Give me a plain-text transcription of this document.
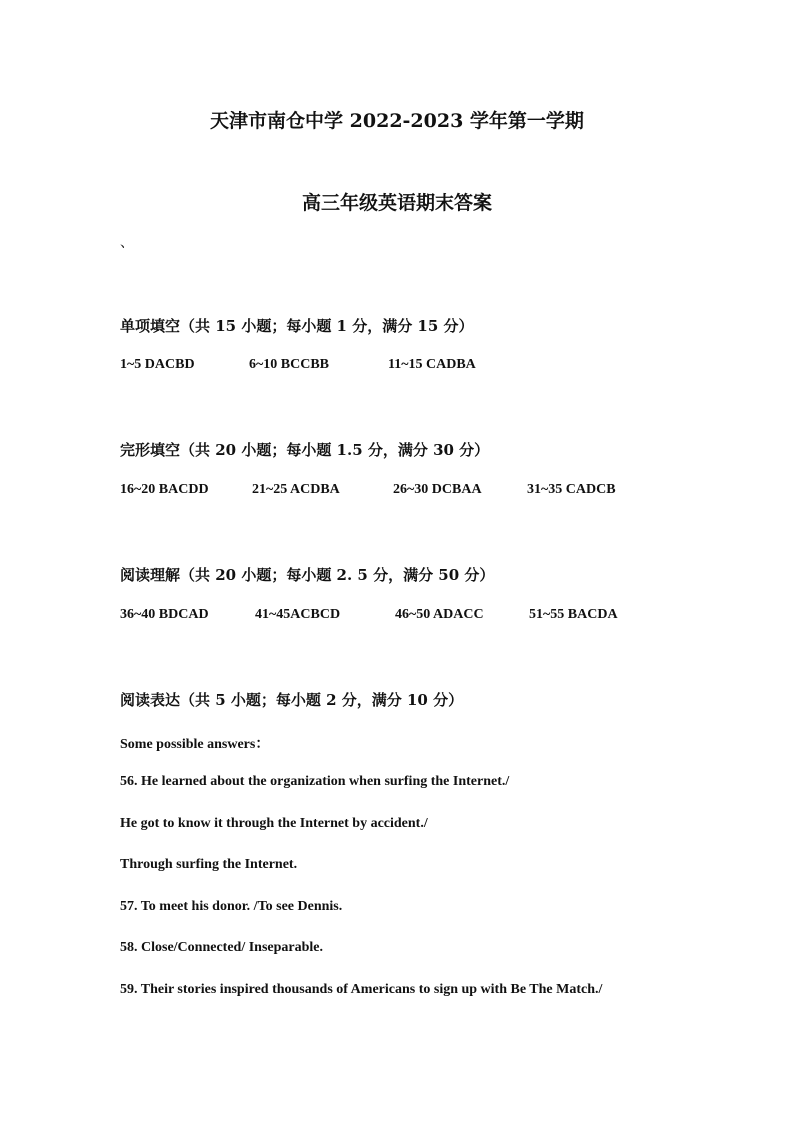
天津市南仓中学 2022-2023 学年第一学期
高三年级英语期末答案
、
单项填空（共 15 小题；每小题 1 分，满分 15 分）
1~5 DACBD	6~10 BCCBB	11~15 CADBA
完形填空（共 20 小题；每小题 1.5 分，满分 30 分）
16~20 BACDD	21~25 ACDBA	26~30 DCBAA	31~35 CADCB
阅读理解（共 20 小题；每小题 2. 5 分，满分 50 分）
36~40 BDCAD	41~45ACBCD	46~50 ADACC	51~55 BACDA
阅读表达（共 5 小题；每小题 2 分，满分 10 分）
Some possible answers：
56. He learned about the organization when surfing the Internet./
He got to know it through the Internet by accident./
Through surfing the Internet.
57. To meet his donor. /To see Dennis.
58. Close/Connected/ Inseparable.
59. Their stories inspired thousands of Americans to sign up with Be The Match./
